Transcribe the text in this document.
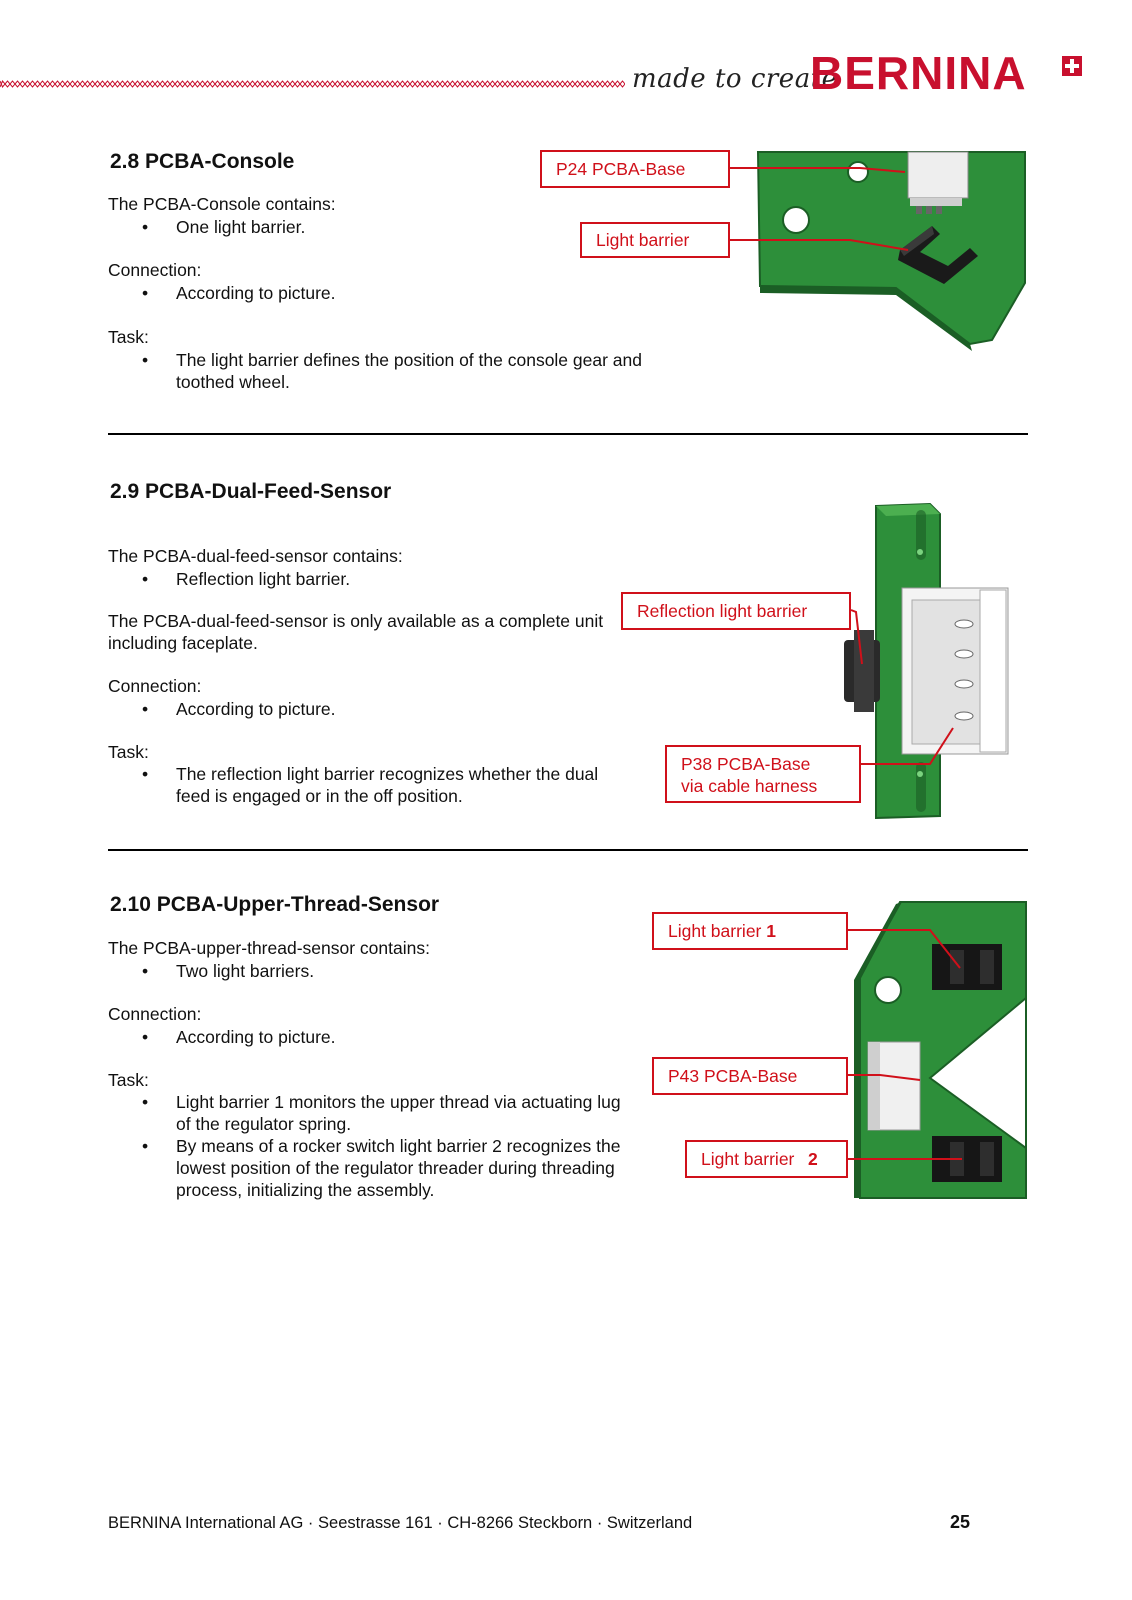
made to create
BERNINA
2.8 PCBA-Console
The PCBA-Console contains:
• One light barrier.
Connection:
• According to picture.
Task:
• The light barrier defines the position of the console gear and toothed wheel.
P24 PCBA-Base
Light barrier
2.9 PCBA-Dual-Feed-Sensor
The PCBA-dual-feed-sensor contains:
• Reflection light barrier.
The PCBA-dual-feed-sensor is only available as a complete unit including faceplate.
Connection:
• According to picture.
Task:
• The reflection light barrier recognizes whether the dual feed is engaged or in the off position.
Reflection light barrier
P38 PCBA-Base
via cable harness
2.10 PCBA-Upper-Thread-Sensor
The PCBA-upper-thread-sensor contains:
• Two light barriers.
Connection:
• According to picture.
Task:
• Light barrier 1 monitors the upper thread via actuating lug of the regulator spring.
• By means of a rocker switch light barrier 2 recognizes the lowest position of the regulator threader during threading process, initializing the assembly.
Light barrier 1
P43 PCBA-Base
Light barrier 2
BERNINA International AG · Seestrasse 161 · CH-8266 Steckborn · Switzerland	25
